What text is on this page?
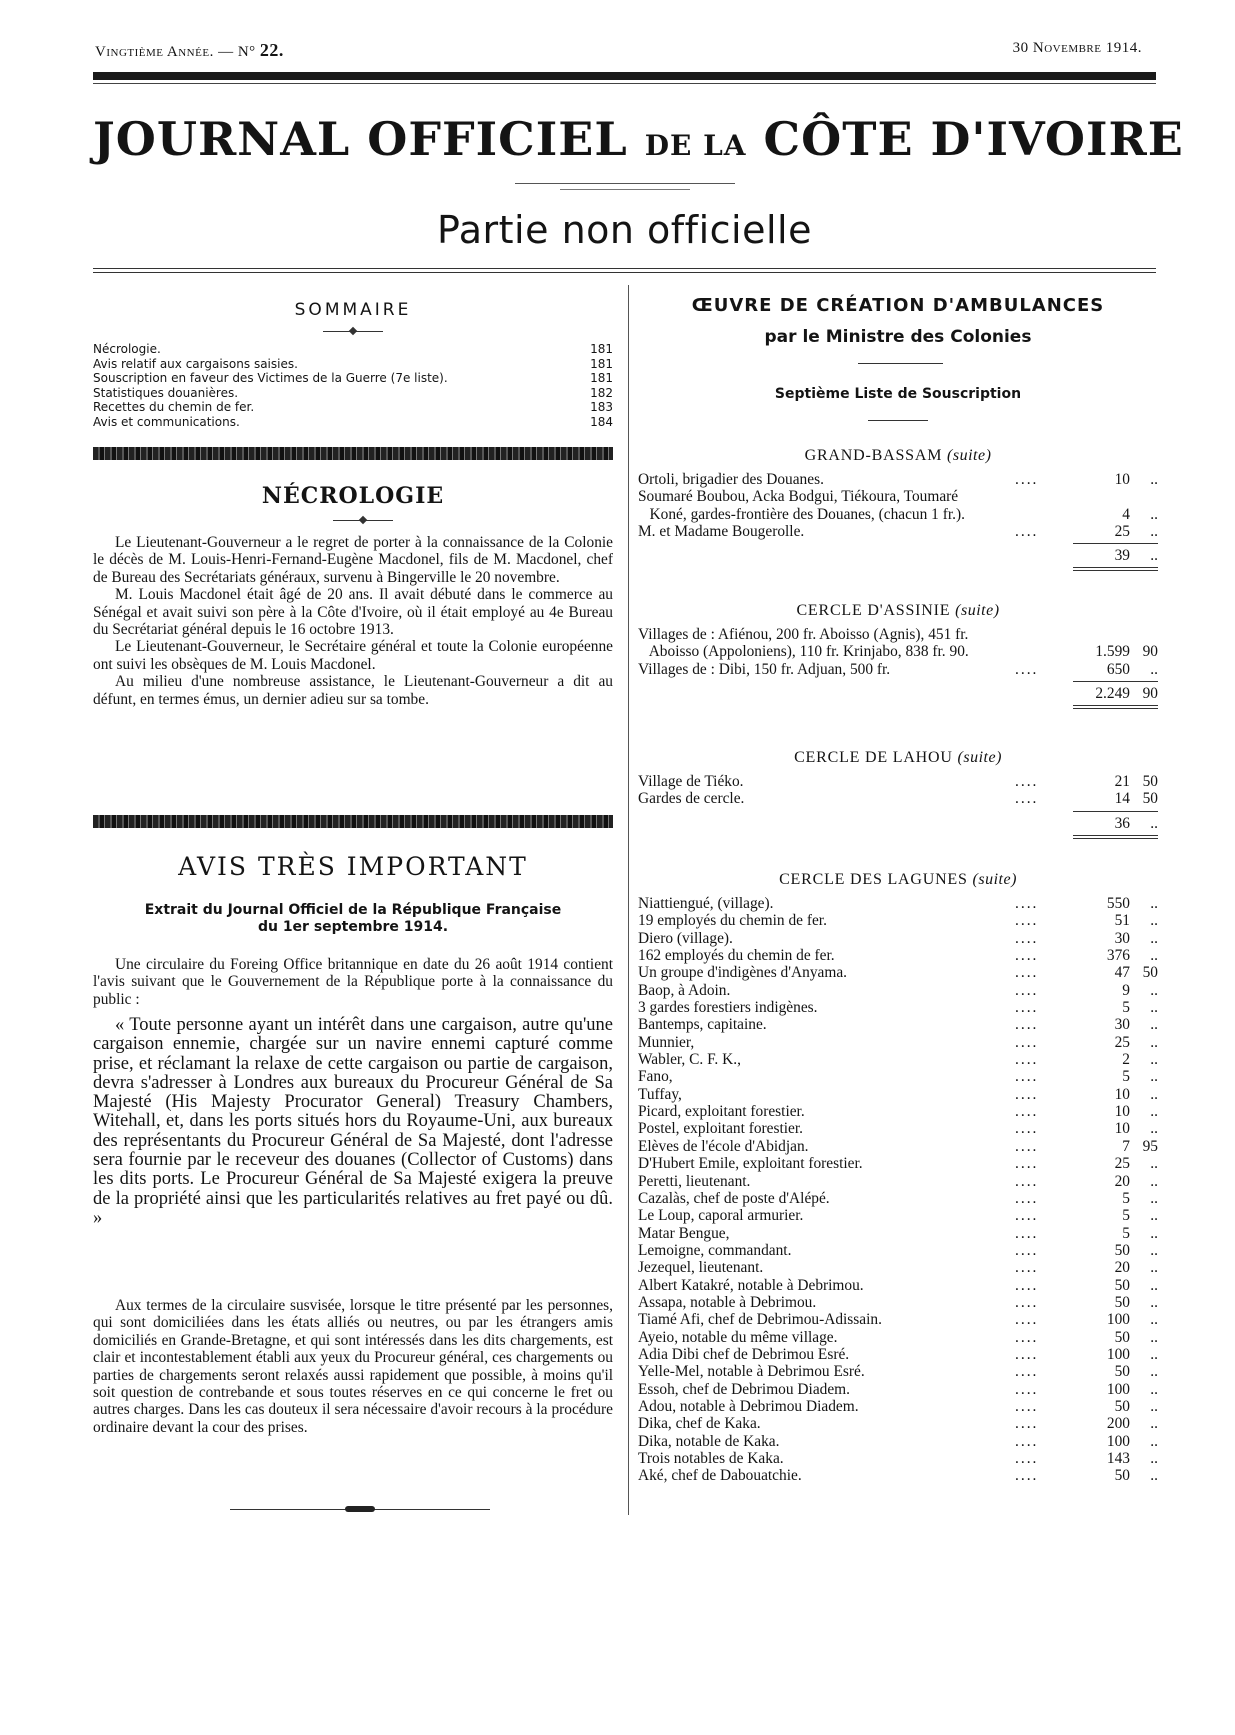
Vingtième Année. — N° 22.	30 Novembre 1914.
JOURNAL OFFICIEL DE LA CÔTE D'IVOIRE
Partie non officielle
SOMMAIRE
Nécrologie.	181
Avis relatif aux cargaisons saisies.	181
Souscription en faveur des Victimes de la Guerre (7e liste).	181
Statistiques douanières.	182
Recettes du chemin de fer.	183
Avis et communications.	184
NÉCROLOGIE

Le Lieutenant-Gouverneur a le regret de porter à la connaissance de la Colonie le décès de M. Louis-Henri-Fernand-Eugène Macdonel, fils de M. Macdonel, chef de Bureau des Secrétariats généraux, survenu à Bingerville le 20 novembre.

M. Louis Macdonel était âgé de 20 ans. Il avait débuté dans le commerce au Sénégal et avait suivi son père à la Côte d'Ivoire, où il était employé au 4e Bureau du Secrétariat général depuis le 16 octobre 1913.

Le Lieutenant-Gouverneur, le Secrétaire général et toute la Colonie européenne ont suivi les obsèques de M. Louis Macdonel.

Au milieu d'une nombreuse assistance, le Lieutenant-Gouverneur a dit au défunt, en termes émus, un dernier adieu sur sa tombe.

AVIS TRÈS IMPORTANT
Extrait du Journal Officiel de la République Française
du 1er septembre 1914.

Une circulaire du Foreing Office britannique en date du 26 août 1914 contient l'avis suivant que le Gouvernement de la République porte à la connaissance du public :

« Toute personne ayant un intérêt dans une cargaison, autre qu'une cargaison ennemie, chargée sur un navire ennemi capturé comme prise, et réclamant la relaxe de cette cargaison ou partie de cargaison, devra s'adresser à Londres aux bureaux du Procureur Général de Sa Majesté (His Majesty Procurator General) Treasury Chambers, Witehall, et, dans les ports situés hors du Royaume-Uni, aux bureaux des représentants du Procureur Général de Sa Majesté, dont l'adresse sera fournie par le receveur des douanes (Collector of Customs) dans les dits ports. Le Procureur Général de Sa Majesté exigera la preuve de la propriété ainsi que les particularités relatives au fret payé ou dû. »

Aux termes de la circulaire susvisée, lorsque le titre présenté par les personnes, qui sont domiciliées dans les états alliés ou neutres, ou par les étrangers amis domiciliés en Grande-Bretagne, et qui sont intéressés dans les dits chargements, est clair et incontestablement établi aux yeux du Procureur général, ces chargements ou parties de chargements seront relaxés aussi rapidement que possible, à moins qu'il soit question de contrebande et sous toutes réserves en ce qui concerne le fret ou autres charges. Dans les cas douteux il sera nécessaire d'avoir recours à la procédure ordinaire devant la cour des prises.

ŒUVRE DE CRÉATION D'AMBULANCES
par le Ministre des Colonies
Septième Liste de Souscription
GRAND-BASSAM (suite)
Ortoli, brigadier des Douanes.	....	10	..
Soumaré Boubou, Acka Bodgui, Tiékoura, Toumaré
Koné, gardes-frontière des Douanes, (chacun 1 fr.).	4	..
M. et Madame Bougerolle.	....	25	..
39	..
CERCLE D'ASSINIE (suite)
Villages de : Afiénou, 200 fr. Aboisso (Agnis), 451 fr.
Aboisso (Appoloniens), 110 fr. Krinjabo, 838 fr. 90.	1.599 90
Villages de : Dibi, 150 fr. Adjuan, 500 fr.	....	650	..
2.249 90
CERCLE DE LAHOU (suite)
Village de Tiéko.	....	21 50
Gardes de cercle.	....	14 50
36	..
CERCLE DES LAGUNES (suite)
Niattiengué, (village).	....	550	..
19 employés du chemin de fer.	....	51	..
Diero (village).	....	30	..
162 employés du chemin de fer.	....	376	..
Un groupe d'indigènes d'Anyama.	....	47 50
Baop, à Adoin.	....	9	..
3 gardes forestiers indigènes.	....	5	..
Bantemps, capitaine.	....	30	..
Munnier,	....	25	..
Wabler, C. F. K.,	....	2	..
Fano,	....	5	..
Tuffay,	....	10	..
Picard, exploitant forestier.	....	10	..
Postel, exploitant forestier.	....	10	..
Elèves de l'école d'Abidjan.	....	7 95
D'Hubert Emile, exploitant forestier.	....	25	..
Peretti, lieutenant.	....	20	..
Cazalàs, chef de poste d'Alépé.	....	5	..
Le Loup, caporal armurier.	....	5	..
Matar Bengue,	....	5	..
Lemoigne, commandant.	....	50	..
Jezequel, lieutenant.	....	20	..
Albert Katakré, notable à Debrimou.	....	50	..
Assapa, notable à Debrimou.	....	50	..
Tiamé Afi, chef de Debrimou-Adissain.	....	100	..
Ayeio, notable du même village.	....	50	..
Adia Dibi chef de Debrimou Esré.	....	100	..
Yelle-Mel, notable à Debrimou Esré.	....	50	..
Essoh, chef de Debrimou Diadem.	....	100	..
Adou, notable à Debrimou Diadem.	....	50	..
Dika, chef de Kaka.	....	200	..
Dika, notable de Kaka.	....	100	..
Trois notables de Kaka.	....	143	..
Aké, chef de Dabouatchie.	....	50	..
